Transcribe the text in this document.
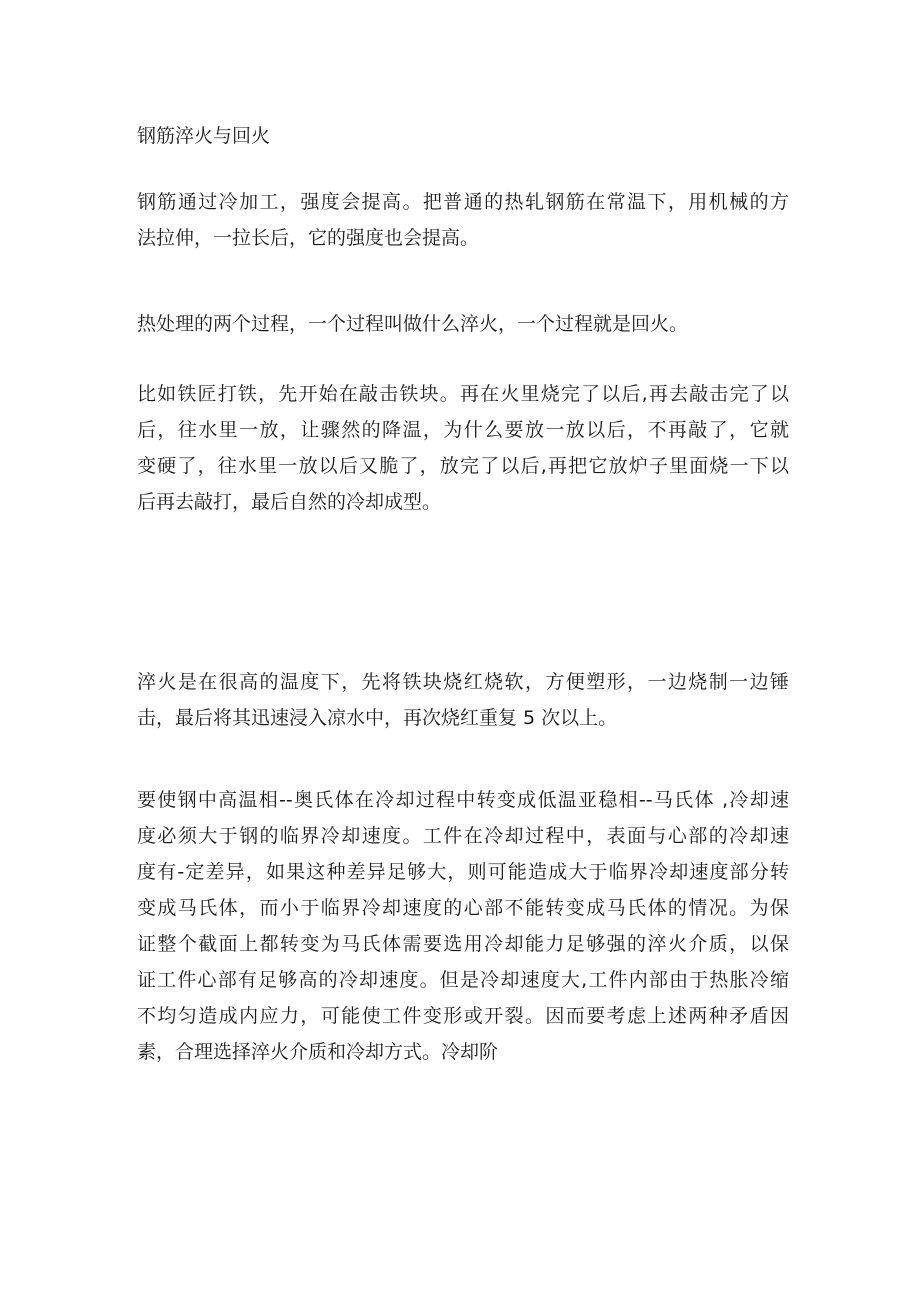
钢筋淬火与回火

钢筋通过冷加工，强度会提高。把普通的热轧钢筋在常温下，用机械的方
法拉伸，一拉长后，它的强度也会提高。

热处理的两个过程，一个过程叫做什么淬火，一个过程就是回火。

比如铁匠打铁，先开始在敲击铁块。再在火里烧完了以后,再去敲击完了以
后，往水里一放，让骤然的降温，为什么要放一放以后，不再敲了，它就
变硬了，往水里一放以后又脆了，放完了以后,再把它放炉子里面烧一下以
后再去敲打，最后自然的冷却成型。

淬火是在很高的温度下，先将铁块烧红烧软，方便塑形，一边烧制一边锤
击，最后将其迅速浸入凉水中，再次烧红重复 5 次以上。

要使钢中高温相--奥氏体在冷却过程中转变成低温亚稳相--马氏体 ,冷却速
度必须大于钢的临界冷却速度。工件在冷却过程中，表面与心部的冷却速
度有-定差异，如果这种差异足够大，则可能造成大于临界冷却速度部分转
变成马氏体，而小于临界冷却速度的心部不能转变成马氏体的情况。为保
证整个截面上都转变为马氏体需要选用冷却能力足够强的淬火介质，以保
证工件心部有足够高的冷却速度。但是冷却速度大,工件内部由于热胀冷缩
不均匀造成内应力，可能使工件变形或开裂。因而要考虑上述两种矛盾因
素，合理选择淬火介质和冷却方式。冷却阶
